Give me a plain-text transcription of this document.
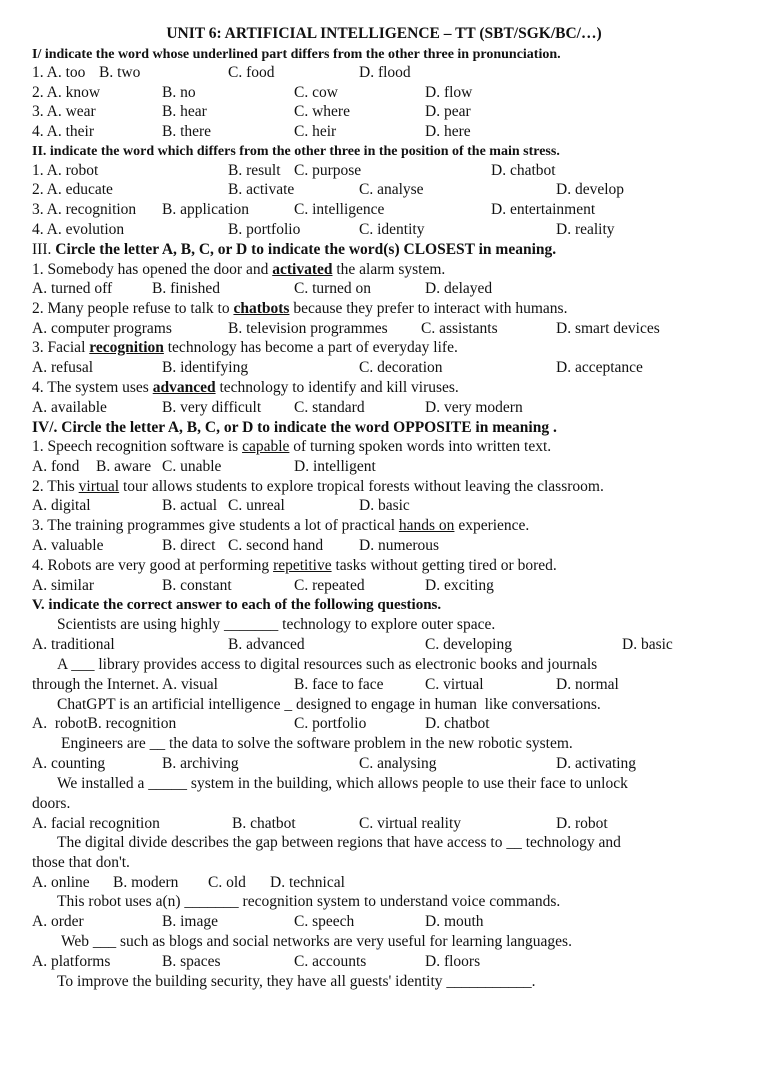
UNIT 6: ARTIFICIAL INTELLIGENCE – TT (SBT/SGK/BC/…)
I/ indicate the word whose underlined part differs from the other three in pronunciation.

1. A. too

B. two

	C. food

	D. flood

2. A. know

	B. no

	C. cow

	D. flow

3. A. wear

	B. hear

	C. where

	D. pear

4. A. their

	B. there

	C. heir

	D. here

II. indicate the word which differs from the other three in the position of the main stress.

1. A. robot

	B. result

C. purpose

	D. chatbot

2. A. educate

	B. activate

	C. analyse

	D. develop

3. A. recognition

B. application

	C. intelligence

	D. entertainment

4. A. evolution

	B. portfolio

	C. identity

	D. reality

III. Circle the letter A, B, C, or D to indicate the word(s) CLOSEST in meaning.
1. Somebody has opened the door and activated the alarm system.

A. turned off

	B. finished

	C. turned on

	D. delayed

2. Many people refuse to talk to chatbots because they prefer to interact with humans.

A. computer programs

	B. television programmes

C. assistants

	D. smart devices

3. Facial recognition technology has become a part of everyday life.

A. refusal

	B. identifying

	C. decoration

	D. acceptance

4. The system uses advanced technology to identify and kill viruses.

A. available

	B. very difficult

C. standard

	D. very modern

IV/. Circle the letter A, B, C, or D to indicate the word OPPOSITE in meaning .
1. Speech recognition software is capable of turning spoken words into written text.

A. fond

B. aware

C. unable

	D. intelligent

2. This virtual tour allows students to explore tropical forests without leaving the classroom.

A. digital

	B. actual

C. unreal

	D. basic

3. The training programmes give students a lot of practical hands on experience.

A. valuable

	B. direct

C. second hand

D. numerous

4. Robots are very good at performing repetitive tasks without getting tired or bored.

A. similar

	B. constant

	C. repeated

	D. exciting

V. indicate the correct answer to each of the following questions.
Scientists are using highly _______ technology to explore outer space.

A. traditional

	B. advanced

	C. developing

	D. basic

A ___ library provides access to digital resources such as electronic books and journals

through the Internet. A. visual

	B. face to face

	C. virtual

	D. normal

ChatGPT is an artificial intelligence _ designed to engage in human  like conversations.

A.  robotB. recognition

	C. portfolio

	D. chatbot

Engineers are __ the data to solve the software problem in the new robotic system.

A. counting

	B. archiving

	C. analysing

	D. activating

We installed a _____ system in the building, which allows people to use their face to unlock
doors.

A. facial recognition

	B. chatbot

	C. virtual reality

	D. robot

The digital divide describes the gap between regions that have access to __ technology and
those that don't.

A. online

B. modern

C. old

D. technical

This robot uses a(n) _______ recognition system to understand voice commands.

A. order

	B. image

	C. speech

	D. mouth

Web ___ such as blogs and social networks are very useful for learning languages.

A. platforms

	B. spaces

	C. accounts

	D. floors

To improve the building security, they have all guests' identity ___________.
